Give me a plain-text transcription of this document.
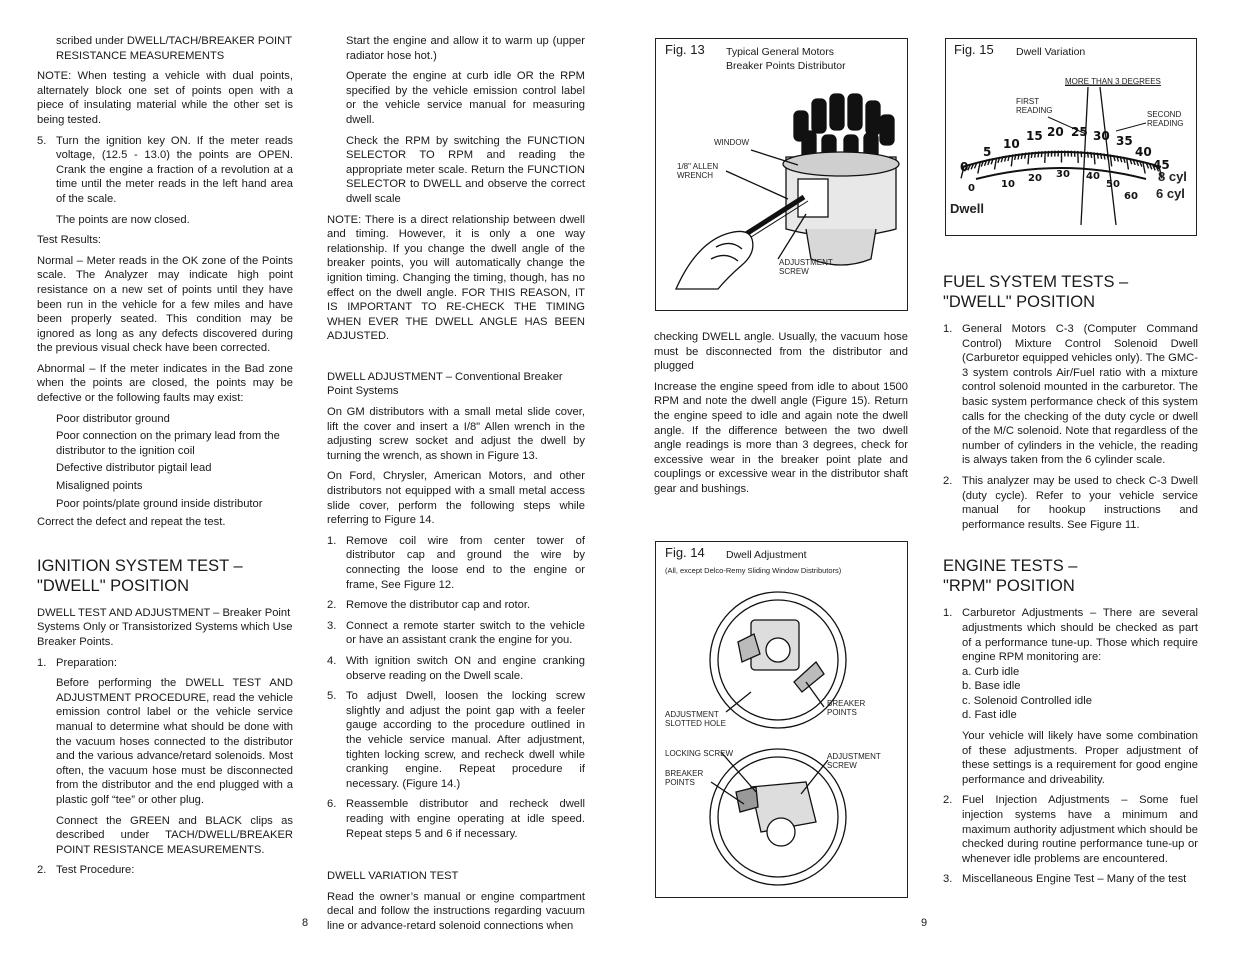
scribed under DWELL/TACH/BREAKER POINT RESISTANCE MEASUREMENTS

NOTE: When testing a vehicle with dual points, alternately block one set of points open with a piece of insulating material while the other set is being tested.

5. Turn the ignition key ON. If the meter reads voltage, (12.5 - 13.0) the points are OPEN. Crank the engine a fraction of a revolution at a time until the meter reads in the left hand area of the scale.

The points are now closed.

Test Results:

Normal – Meter reads in the OK zone of the Points scale. The Analyzer may indicate high point resistance on a new set of points until they have been run in the vehicle for a few miles and have been properly seated. This condition may be ignored as long as any defects discovered during the previous visual check have been corrected.

Abnormal – If the meter indicates in the Bad zone when the points are closed, the points may be defective or the following faults may exist:

Poor distributor ground
Poor connection on the primary lead from the distributor to the ignition coil
Defective distributor pigtail lead
Misaligned points
Poor points/plate ground inside distributor

Correct the defect and repeat the test.

IGNITION SYSTEM TEST – "DWELL" POSITION

DWELL TEST AND ADJUSTMENT – Breaker Point Systems Only or Transistorized Systems which Use Breaker Points.

1. Preparation:

Before performing the DWELL TEST AND ADJUSTMENT PROCEDURE, read the vehicle emission control label or the vehicle service manual to determine what should be done with the vacuum hoses connected to the distributor and the various advance/retard solenoids. Most often, the vacuum hose must be disconnected from the distributor and the end plugged with a plastic golf “tee” or other plug.

Connect the GREEN and BLACK clips as described under TACH/DWELL/BREAKER POINT RESISTANCE MEASUREMENTS.

2. Test Procedure:

Start the engine and allow it to warm up (upper radiator hose hot.)

Operate the engine at curb idle OR the RPM specified by the vehicle emission control label or the vehicle service manual for measuring dwell.

Check the RPM by switching the FUNCTION SELECTOR TO RPM and reading the appropriate meter scale. Return the FUNCTION SELECTOR to DWELL and observe the correct dwell scale

NOTE: There is a direct relationship between dwell and timing. However, it is only a one way relationship. If you change the dwell angle of the breaker points, you will automatically change the ignition timing. Changing the timing, though, has no effect on the dwell angle. FOR THIS REASON, IT IS IMPORTANT TO RE-CHECK THE TIMING WHEN EVER THE DWELL ANGLE HAS BEEN ADJUSTED.

DWELL ADJUSTMENT – Conventional Breaker Point Systems

On GM distributors with a small metal slide cover, lift the cover and insert a I/8" Allen wrench in the adjusting screw socket and adjust the dwell by turning the wrench, as shown in Figure 13.

On Ford, Chrysler, American Motors, and other distributors not equipped with a small metal access slide cover, perform the following steps while referring to Figure 14.

1. Remove coil wire from center tower of distributor cap and ground the wire by connecting the loose end to the engine or frame, See Figure 12.
2. Remove the distributor cap and rotor.
3. Connect a remote starter switch to the vehicle or have an assistant crank the engine for you.
4. With ignition switch ON and engine cranking observe reading on the Dwell scale.
5. To adjust Dwell, loosen the locking screw slightly and adjust the point gap with a feeler gauge according to the procedure outlined in the vehicle service manual. After adjustment, tighten locking screw, and recheck dwell while cranking engine. Repeat procedure if necessary. (Figure 14.)
6. Reassemble distributor and recheck dwell reading with engine operating at idle speed. Repeat steps 5 and 6 if necessary.

DWELL VARIATION TEST

Read the owner’s manual or engine compartment decal and follow the instructions regarding vacuum line or advance-retard solenoid connections when

Fig. 13 Typical General Motors
Breaker Points Distributor
WINDOW
1/8" ALLEN
WRENCH
ADJUSTMENT
SCREW

checking DWELL angle. Usually, the vacuum hose must be disconnected from the distributor and plugged

Increase the engine speed from idle to about 1500 RPM and note the dwell angle (Figure 15). Return the engine speed to idle and again note the dwell angle. If the difference between the two dwell angle readings is more than 3 degrees, check for excessive wear in the breaker point plate and couplings or excessive wear in the distributor shaft gear and bushings.

Fig. 14 Dwell Adjustment
(All, except Delco-Remy Sliding Window Distributors)
ADJUSTMENT
SLOTTED HOLE
BREAKER
POINTS
LOCKING SCREW	ADJUSTMENT
SCREW
BREAKER
POINTS
Fig. 15 Dwell Variation
MORE THAN 3 DEGREES
FIRST
READING	SECOND
READING
0
5
10
15 20 25 30 35
40
45
0	10
20 30 40
50
60
Dwell
8 cyl
6 cyl
FUEL SYSTEM TESTS – "DWELL" POSITION
1. General Motors C-3 (Computer Command Control) Mixture Control Solenoid Dwell (Carburetor equipped vehicles only). The GMC-3 system controls Air/Fuel ratio with a mixture control solenoid mounted in the carburetor. The basic system performance check of this system calls for the checking of the duty cycle or dwell of the M/C solenoid. Note that regardless of the number of cylinders in the vehicle, the reading is always taken from the 6 cylinder scale.
2. This analyzer may be used to check C-3 Dwell (duty cycle). Refer to your vehicle service manual for hookup instructions and performance results. See Figure 11.
ENGINE TESTS –
"RPM" POSITION
1. Carburetor Adjustments – There are several adjustments which should be checked as part of a performance tune-up. Those which require engine RPM monitoring are:
a. Curb idle
b. Base idle
c. Solenoid Controlled idle
d. Fast idle

Your vehicle will likely have some combination of these adjustments. Proper adjustment of these settings is a requirement for good engine performance and driveability.

2. Fuel Injection Adjustments – Some fuel injection systems have a minimum and maximum authority adjustment which should be checked during routine performance tune-up or whenever idle problems are encountered.
3. Miscellaneous Engine Test – Many of the test
8	9
